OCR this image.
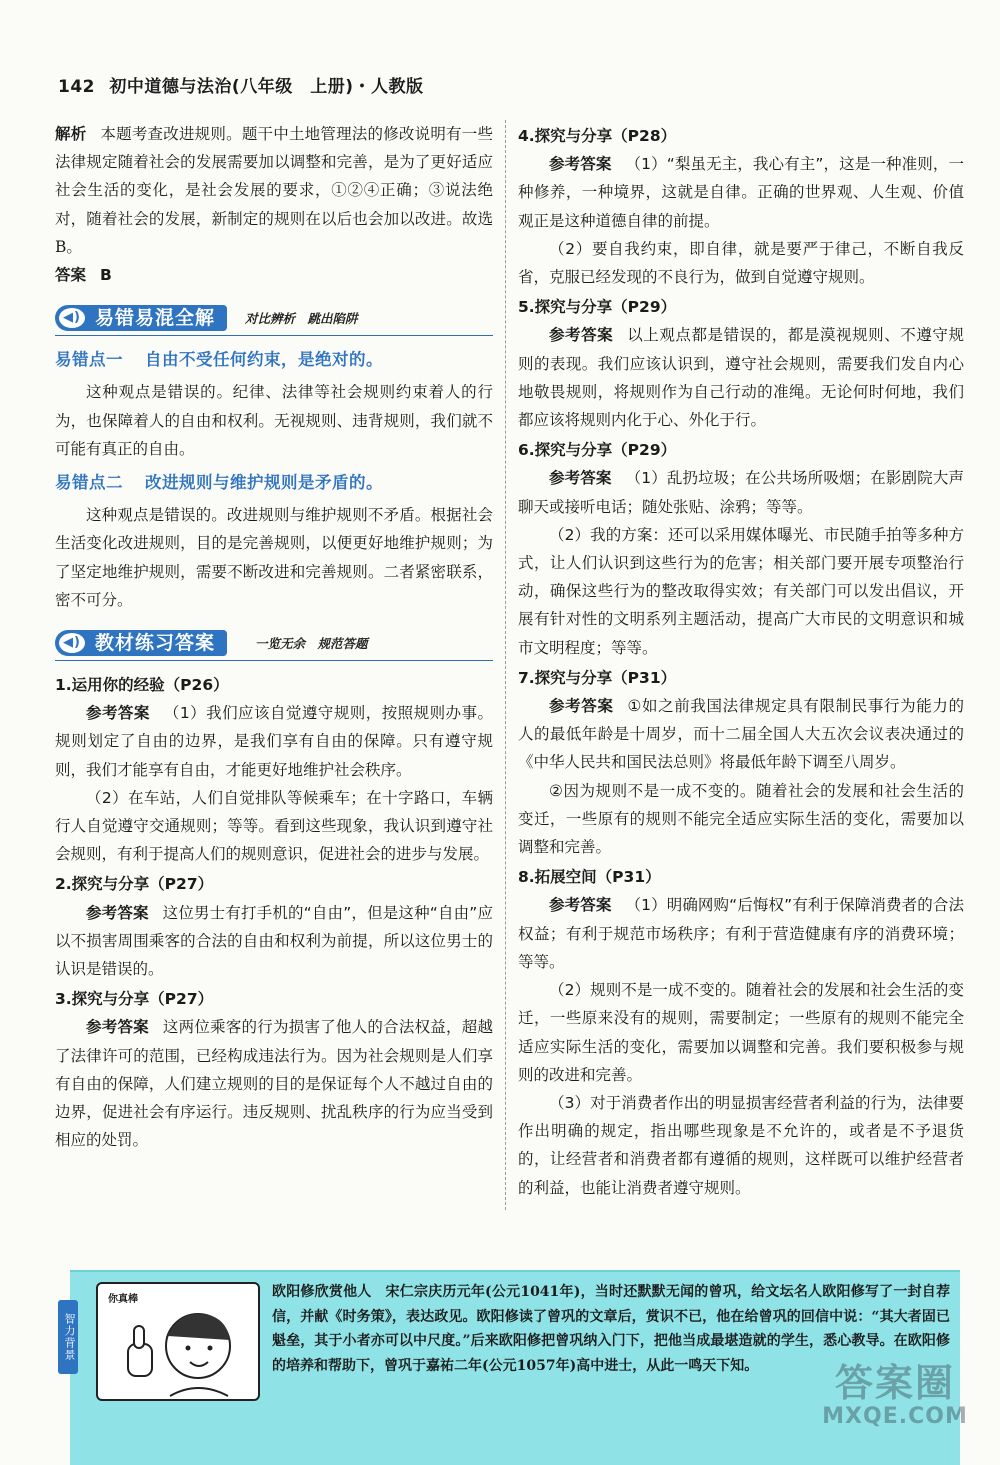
142 初中道德与法治(八年级　上册)・人教版

解析 本题考查改进规则。题干中土地管理法的修改说明有一些法律规定随着社会的发展需要加以调整和完善，是为了更好适应社会生活的变化，是社会发展的要求，①②④正确；③说法绝对，随着社会的发展，新制定的规则在以后也会加以改进。故选B。

答案 B

◀) 易错易混全解	对比辨析　跳出陷阱
易错点一 自由不受任何约束，是绝对的。

这种观点是错误的。纪律、法律等社会规则约束着人的行为，也保障着人的自由和权利。无视规则、违背规则，我们就不可能有真正的自由。

易错点二 改进规则与维护规则是矛盾的。

这种观点是错误的。改进规则与维护规则不矛盾。根据社会生活变化改进规则，目的是完善规则，以便更好地维护规则；为了坚定地维护规则，需要不断改进和完善规则。二者紧密联系，密不可分。

◀) 教材练习答案	一览无余　规范答题
1.运用你的经验（P26）

参考答案 （1）我们应该自觉遵守规则，按照规则办事。规则划定了自由的边界，是我们享有自由的保障。只有遵守规则，我们才能享有自由，才能更好地维护社会秩序。

（2）在车站，人们自觉排队等候乘车；在十字路口，车辆行人自觉遵守交通规则；等等。看到这些现象，我认识到遵守社会规则，有利于提高人们的规则意识，促进社会的进步与发展。

2.探究与分享（P27）

参考答案 这位男士有打手机的“自由”，但是这种“自由”应以不损害周围乘客的合法的自由和权利为前提，所以这位男士的认识是错误的。

3.探究与分享（P27）

参考答案 这两位乘客的行为损害了他人的合法权益，超越了法律许可的范围，已经构成违法行为。因为社会规则是人们享有自由的保障，人们建立规则的目的是保证每个人不越过自由的边界，促进社会有序运行。违反规则、扰乱秩序的行为应当受到相应的处罚。

4.探究与分享（P28）

参考答案 （1）“梨虽无主，我心有主”，这是一种准则，一种修养，一种境界，这就是自律。正确的世界观、人生观、价值观正是这种道德自律的前提。

（2）要自我约束，即自律，就是要严于律己，不断自我反省，克服已经发现的不良行为，做到自觉遵守规则。

5.探究与分享（P29）

参考答案 以上观点都是错误的，都是漠视规则、不遵守规则的表现。我们应该认识到，遵守社会规则，需要我们发自内心地敬畏规则，将规则作为自己行动的准绳。无论何时何地，我们都应该将规则内化于心、外化于行。

6.探究与分享（P29）

参考答案 （1）乱扔垃圾；在公共场所吸烟；在影剧院大声聊天或接听电话；随处张贴、涂鸦；等等。

（2）我的方案：还可以采用媒体曝光、市民随手拍等多种方式，让人们认识到这些行为的危害；相关部门要开展专项整治行动，确保这些行为的整改取得实效；有关部门可以发出倡议，开展有针对性的文明系列主题活动，提高广大市民的文明意识和城市文明程度；等等。

7.探究与分享（P31）

参考答案 ①如之前我国法律规定具有限制民事行为能力的人的最低年龄是十周岁，而十二届全国人大五次会议表决通过的《中华人民共和国民法总则》将最低年龄下调至八周岁。

②因为规则不是一成不变的。随着社会的发展和社会生活的变迁，一些原有的规则不能完全适应实际生活的变化，需要加以调整和完善。

8.拓展空间（P31）

参考答案 （1）明确网购“后悔权”有利于保障消费者的合法权益；有利于规范市场秩序；有利于营造健康有序的消费环境；等等。

（2）规则不是一成不变的。随着社会的发展和社会生活的变迁，一些原来没有的规则，需要制定；一些原有的规则不能完全适应实际生活的变化，需要加以调整和完善。我们要积极参与规则的改进和完善。

（3）对于消费者作出的明显损害经营者利益的行为，法律要作出明确的规定，指出哪些现象是不允许的，或者是不予退货的，让经营者和消费者都有遵循的规则，这样既可以维护经营者的利益，也能让消费者遵守规则。

智力背景
你真棒	欧阳修欣赏他人 宋仁宗庆历元年(公元1041年)，当时还默默无闻的曾巩，给文坛名人欧阳修写了一封自荐信，并献《时务策》，表达政见。欧阳修读了曾巩的文章后，赏识不已，他在给曾巩的回信中说：“其大者固已魁垒，其于小者亦可以中尺度。”后来欧阳修把曾巩纳入门下，把他当成最堪造就的学生，悉心教导。在欧阳修的培养和帮助下，曾巩于嘉祐二年(公元1057年)高中进士，从此一鸣天下知。	答案圈
MXQE.COM
